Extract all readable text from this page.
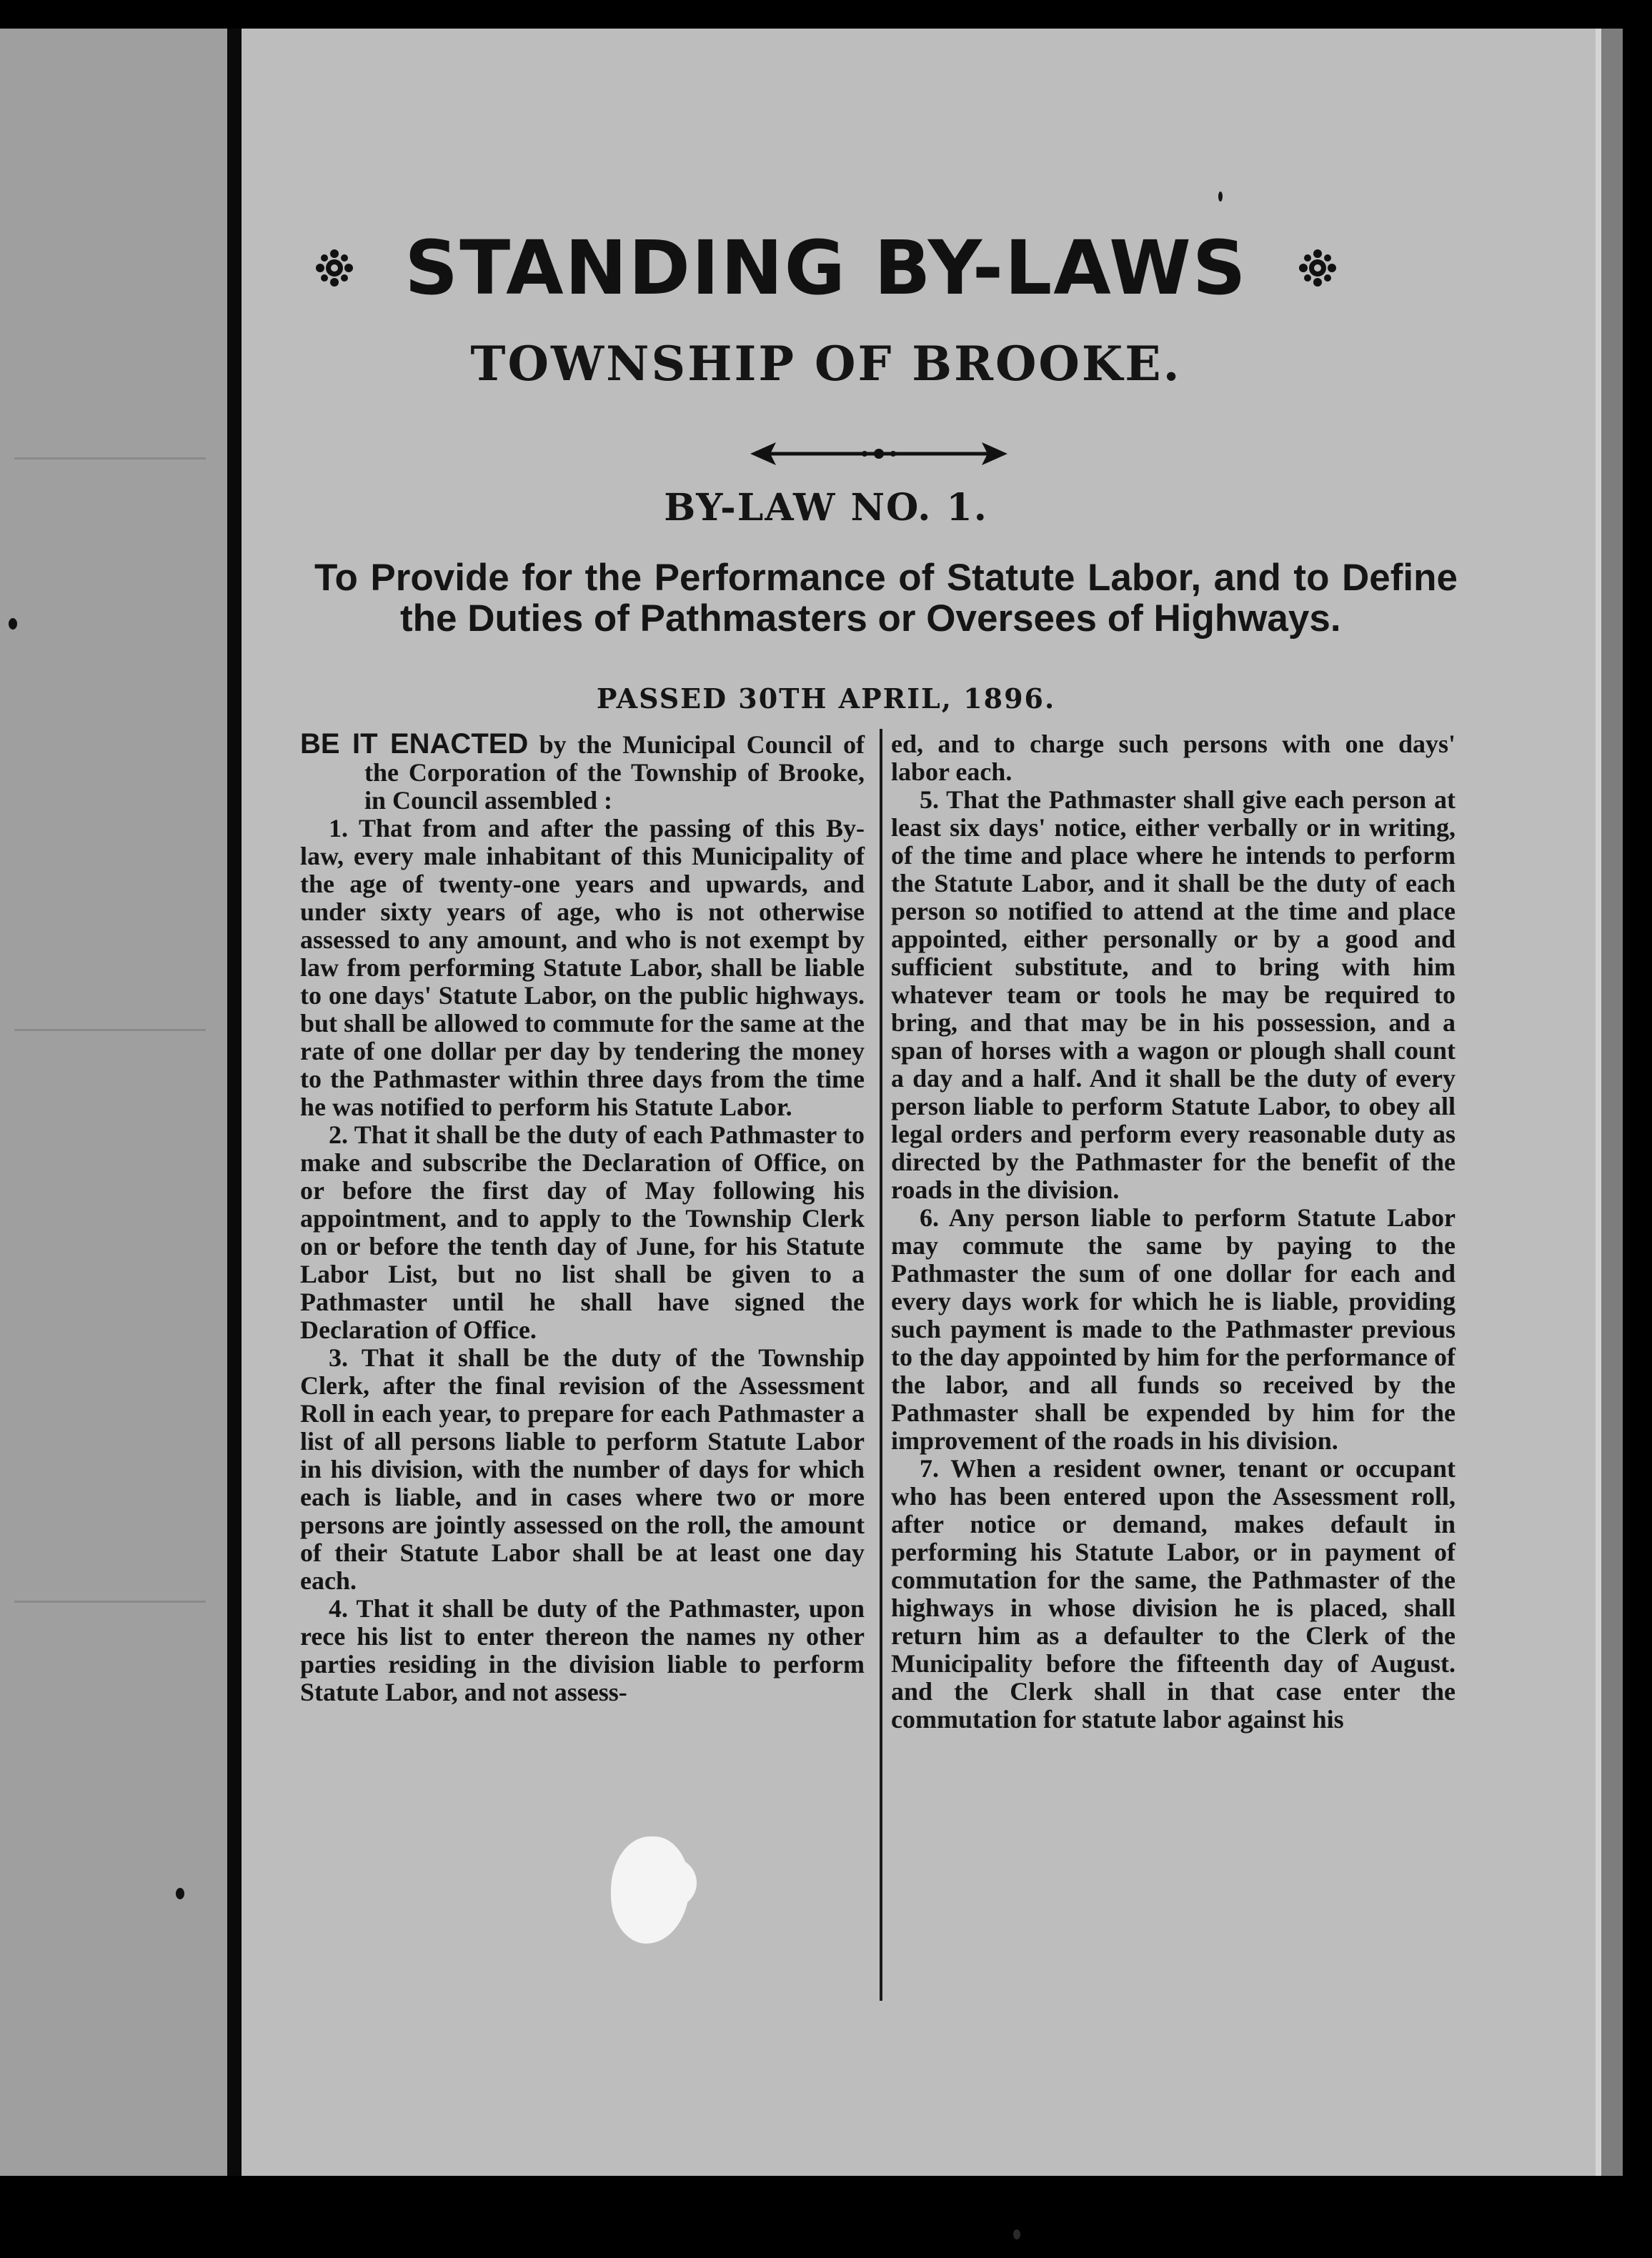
STANDING BY-LAWS
TOWNSHIP OF BROOKE.
BY-LAW NO. 1.
To Provide for the Performance of Statute Labor, and to Define the Duties of Pathmasters or Oversees of Highways.
PASSED 30TH APRIL, 1896.

BE IT ENACTED by the Municipal Council of the Corporation of the Township of Brooke, in Council assembled :

1. That from and after the passing of this By-law, every male inhabitant of this Municipality of the age of twenty-one years and upwards, and under sixty years of age, who is not otherwise assessed to any amount, and who is not exempt by law from performing Statute Labor, shall be liable to one days' Statute Labor, on the public highways. but shall be allowed to commute for the same at the rate of one dollar per day by tendering the money to the Pathmaster within three days from the time he was notified to perform his Statute Labor.

2. That it shall be the duty of each Pathmaster to make and subscribe the Declaration of Office, on or before the first day of May following his appointment, and to apply to the Township Clerk on or before the tenth day of June, for his Statute Labor List, but no list shall be given to a Pathmaster until he shall have signed the Declaration of Office.

3. That it shall be the duty of the Township Clerk, after the final revision of the Assessment Roll in each year, to prepare for each Pathmaster a list of all persons liable to perform Statute Labor in his division, with the number of days for which each is liable, and in cases where two or more persons are jointly assessed on the roll, the amount of their Statute Labor shall be at least one day each.

4. That it shall be duty of the Pathmaster, upon rece his list to enter thereon the names ny other parties residing in the division liable to perform Statute Labor, and not assess-

ed, and to charge such persons with one days' labor each.

5. That the Pathmaster shall give each person at least six days' notice, either verbally or in writing, of the time and place where he intends to perform the Statute Labor, and it shall be the duty of each person so notified to attend at the time and place appointed, either personally or by a good and sufficient substitute, and to bring with him whatever team or tools he may be required to bring, and that may be in his possession, and a span of horses with a wagon or plough shall count a day and a half. And it shall be the duty of every person liable to perform Statute Labor, to obey all legal orders and perform every reasonable duty as directed by the Pathmaster for the benefit of the roads in the division.

6. Any person liable to perform Statute Labor may commute the same by paying to the Pathmaster the sum of one dollar for each and every days work for which he is liable, providing such payment is made to the Pathmaster previous to the day appointed by him for the performance of the labor, and all funds so received by the Pathmaster shall be expended by him for the improvement of the roads in his division.

7. When a resident owner, tenant or occupant who has been entered upon the Assessment roll, after notice or demand, makes default in performing his Statute Labor, or in payment of commutation for the same, the Pathmaster of the highways in whose division he is placed, shall return him as a defaulter to the Clerk of the Municipality before the fifteenth day of August. and the Clerk shall in that case enter the commutation for statute labor against his
